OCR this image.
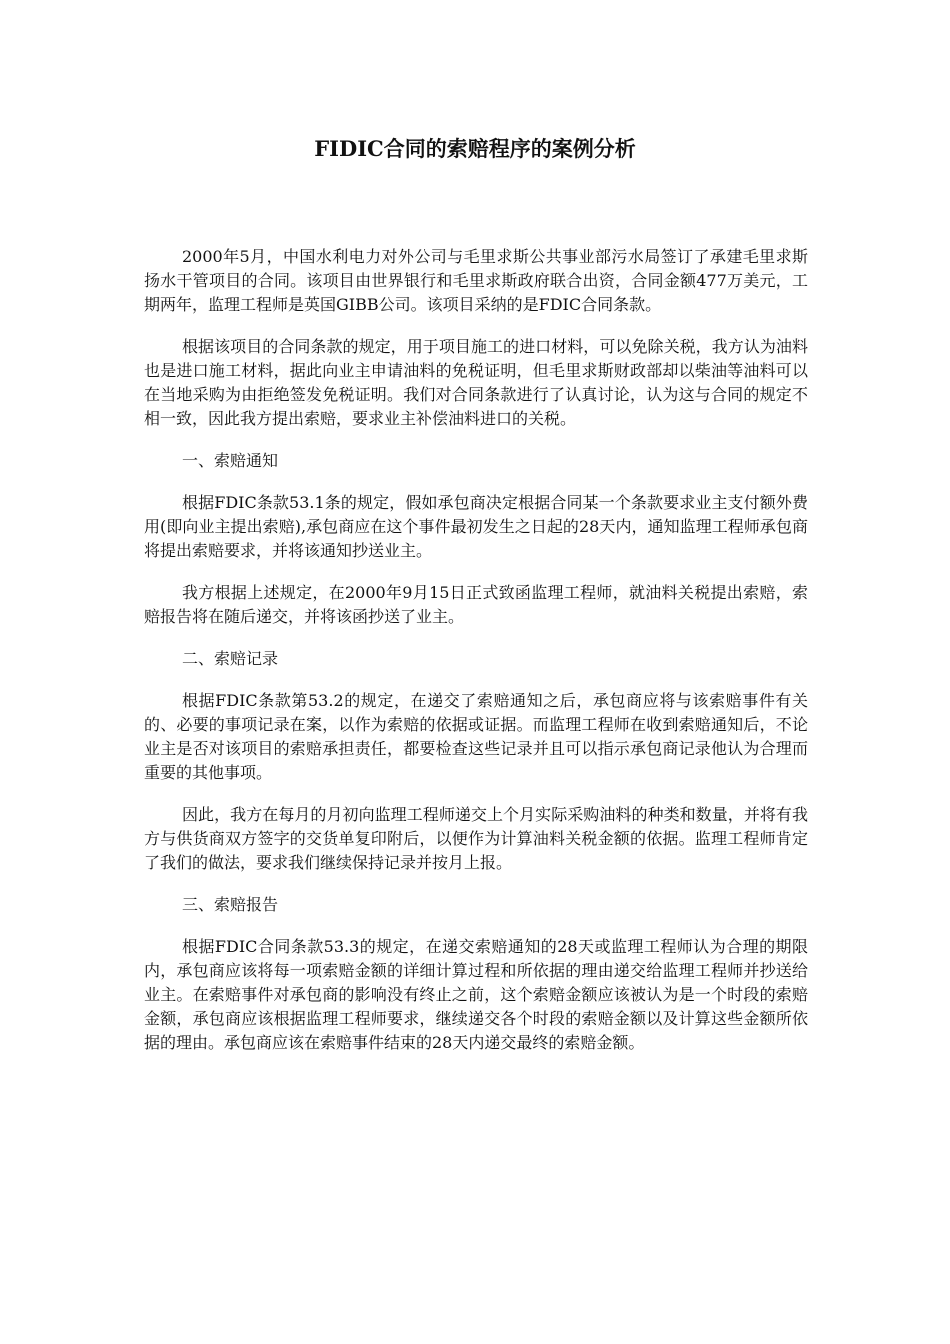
FIDIC合同的索赔程序的案例分析

2000年5月，中国水利电力对外公司与毛里求斯公共事业部污水局签订了承建毛里求斯扬水干管项目的合同。该项目由世界银行和毛里求斯政府联合出资，合同金额477万美元，工期两年，监理工程师是英国GIBB公司。该项目采纳的是FDIC合同条款。

根据该项目的合同条款的规定，用于项目施工的进口材料，可以免除关税，我方认为油料也是进口施工材料，据此向业主申请油料的免税证明，但毛里求斯财政部却以柴油等油料可以在当地采购为由拒绝签发免税证明。我们对合同条款进行了认真讨论，认为这与合同的规定不相一致，因此我方提出索赔，要求业主补偿油料进口的关税。

一、索赔通知

根据FDIC条款53.1条的规定，假如承包商决定根据合同某一个条款要求业主支付额外费用(即向业主提出索赔),承包商应在这个事件最初发生之日起的28天内，通知监理工程师承包商将提出索赔要求，并将该通知抄送业主。

我方根据上述规定，在2000年9月15日正式致函监理工程师，就油料关税提出索赔，索赔报告将在随后递交，并将该函抄送了业主。

二、索赔记录

根据FDIC条款第53.2的规定，在递交了索赔通知之后，承包商应将与该索赔事件有关的、必要的事项记录在案，以作为索赔的依据或证据。而监理工程师在收到索赔通知后，不论业主是否对该项目的索赔承担责任，都要检查这些记录并且可以指示承包商记录他认为合理而重要的其他事项。

因此，我方在每月的月初向监理工程师递交上个月实际采购油料的种类和数量，并将有我方与供货商双方签字的交货单复印附后，以便作为计算油料关税金额的依据。监理工程师肯定了我们的做法，要求我们继续保持记录并按月上报。

三、索赔报告

根据FDIC合同条款53.3的规定，在递交索赔通知的28天或监理工程师认为合理的期限内，承包商应该将每一项索赔金额的详细计算过程和所依据的理由递交给监理工程师并抄送给业主。在索赔事件对承包商的影响没有终止之前，这个索赔金额应该被认为是一个时段的索赔金额，承包商应该根据监理工程师要求，继续递交各个时段的索赔金额以及计算这些金额所依据的理由。承包商应该在索赔事件结束的28天内递交最终的索赔金额。
